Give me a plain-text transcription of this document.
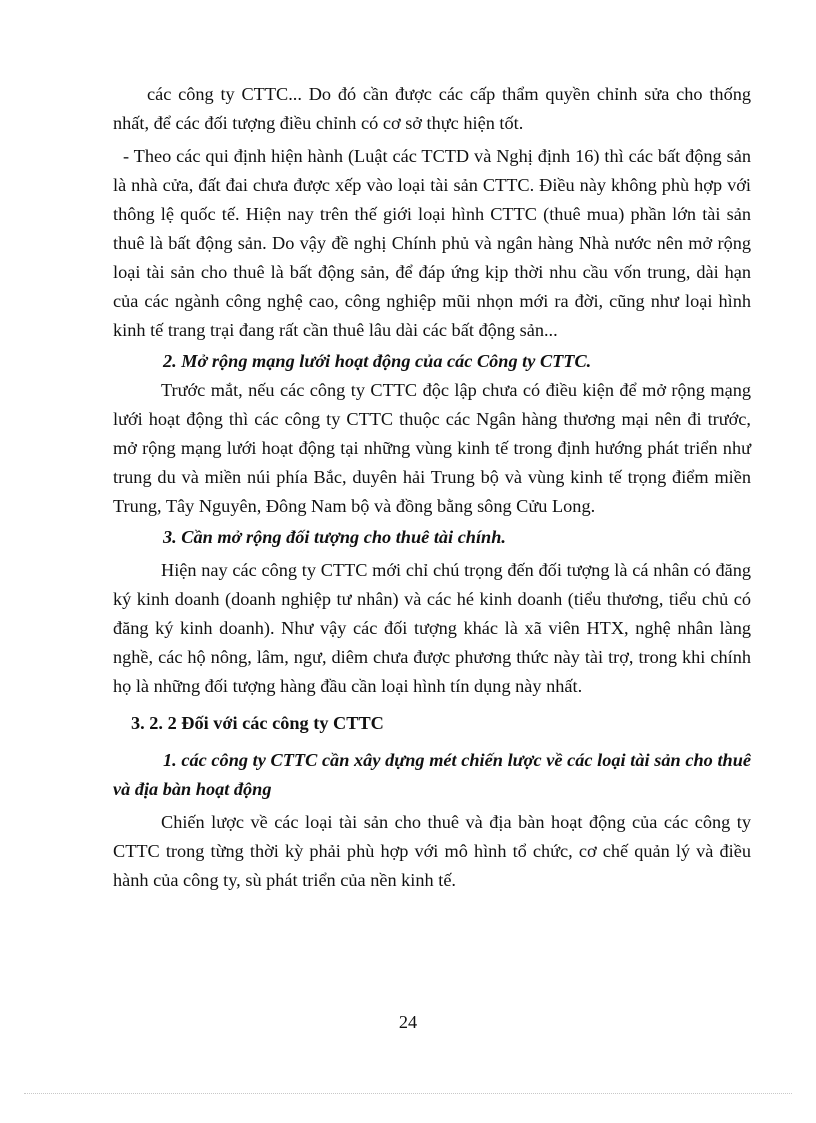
các công ty CTTC... Do đó cần được các cấp thẩm quyền chỉnh sửa cho thống nhất, để các đối tượng điều chỉnh có cơ sở thực hiện tốt.

- Theo các qui định hiện hành (Luật các TCTD và Nghị định 16) thì các bất động sản là nhà cửa, đất đai chưa được xếp vào loại tài sản CTTC. Điều này không phù hợp với thông lệ quốc tế. Hiện nay trên thế giới loại hình CTTC (thuê mua) phần lớn tài sản thuê là bất động sản. Do vậy đề nghị Chính phủ và ngân hàng Nhà nước nên mở rộng loại tài sản cho thuê là bất động sản, để đáp ứng kịp thời nhu cầu vốn trung, dài hạn của các ngành công nghệ cao, công nghiệp mũi nhọn mới ra đời, cũng như loại hình kinh tế trang trại đang rất cần thuê lâu dài các bất động sản...

2. Mở rộng mạng lưới hoạt động của các Công ty CTTC.

Trước mắt, nếu các công ty CTTC độc lập chưa có điều kiện để mở rộng mạng lưới hoạt động thì các công ty CTTC thuộc các Ngân hàng thương mại nên đi trước, mở rộng mạng lưới hoạt động tại những vùng kinh tế trong định hướng phát triển như trung du và miền núi phía Bắc, duyên hải Trung bộ và vùng kinh tế trọng điểm miền Trung, Tây Nguyên, Đông Nam bộ và đồng bằng sông Cửu Long.

3. Cần mở rộng đối tượng cho thuê tài chính.

Hiện nay các công ty CTTC mới chỉ chú trọng đến đối tượng là cá nhân có đăng ký kinh doanh (doanh nghiệp tư nhân) và các hé kinh doanh (tiểu thương, tiểu chủ có đăng ký kinh doanh). Như vậy các đối tượng khác là xã viên HTX, nghệ nhân làng nghề, các hộ nông, lâm, ngư, diêm chưa được phương thức này tài trợ, trong khi chính họ là những đối tượng hàng đầu cần loại hình tín dụng này nhất.

3. 2. 2 Đối với các công ty CTTC

1. các công ty CTTC cần xây dựng mét chiến lược về các loại tài sản cho thuê và địa bàn hoạt động

Chiến lược về các loại tài sản cho thuê và địa bàn hoạt động của các công ty CTTC trong từng thời kỳ phải phù hợp với mô hình tổ chức, cơ chế quản lý và điều hành của công ty, sù phát triển của nền kinh tế.

24
